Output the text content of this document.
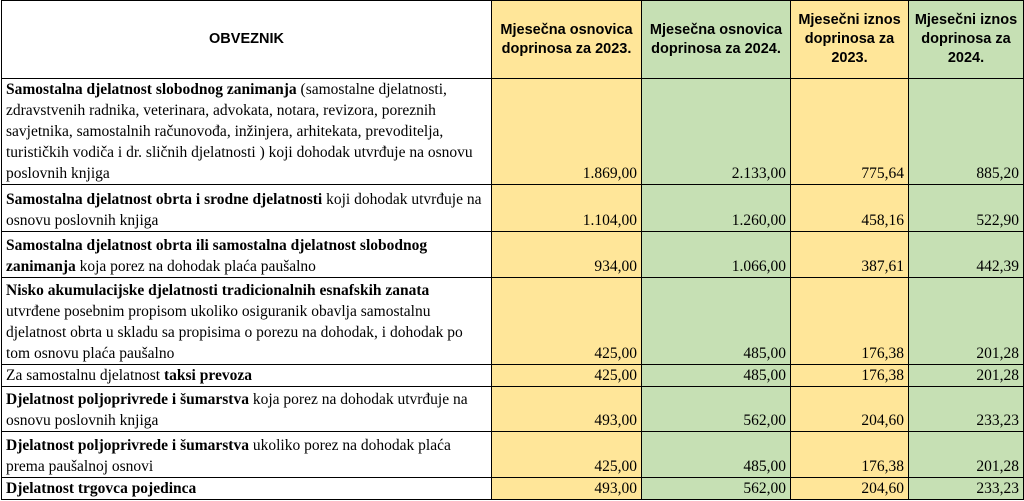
OBVEZNIK	Mjesečna osnovica doprinosa za 2023.	Mjesečna osnovica doprinosa za 2024.	Mjesečni iznos doprinosa za 2023.	Mjesečni iznos doprinosa za 2024.
Samostalna djelatnost slobodnog zanimanja (samostalne djelatnosti, zdravstvenih radnika, veterinara, advokata, notara, revizora, poreznih savjetnika, samostalnih računovođa, inžinjera, arhitekata, prevoditelja, turističkih vodiča i dr. sličnih djelatnosti ) koji dohodak utvrđuje na osnovu poslovnih knjiga	1.869,00	2.133,00	775,64	885,20
Samostalna djelatnost obrta i srodne djelatnosti koji dohodak utvrđuje na osnovu poslovnih knjiga	1.104,00	1.260,00	458,16	522,90
Samostalna djelatnost obrta ili samostalna djelatnost slobodnog zanimanja koja porez na dohodak plaća paušalno	934,00	1.066,00	387,61	442,39
Nisko akumulacijske djelatnosti tradicionalnih esnafskih zanata utvrđene posebnim propisom ukoliko osiguranik obavlja samostalnu djelatnost obrta u skladu sa propisima o porezu na dohodak, i dohodak po tom osnovu plaća paušalno	425,00	485,00	176,38	201,28
Za samostalnu djelatnost taksi prevoza	425,00	485,00	176,38	201,28
Djelatnost poljoprivrede i šumarstva koja porez na dohodak utvrđuje na osnovu poslovnih knjiga	493,00	562,00	204,60	233,23
Djelatnost poljoprivrede i šumarstva ukoliko porez na dohodak plaća prema paušalnoj osnovi	425,00	485,00	176,38	201,28
Djelatnost trgovca pojedinca	493,00	562,00	204,60	233,23
